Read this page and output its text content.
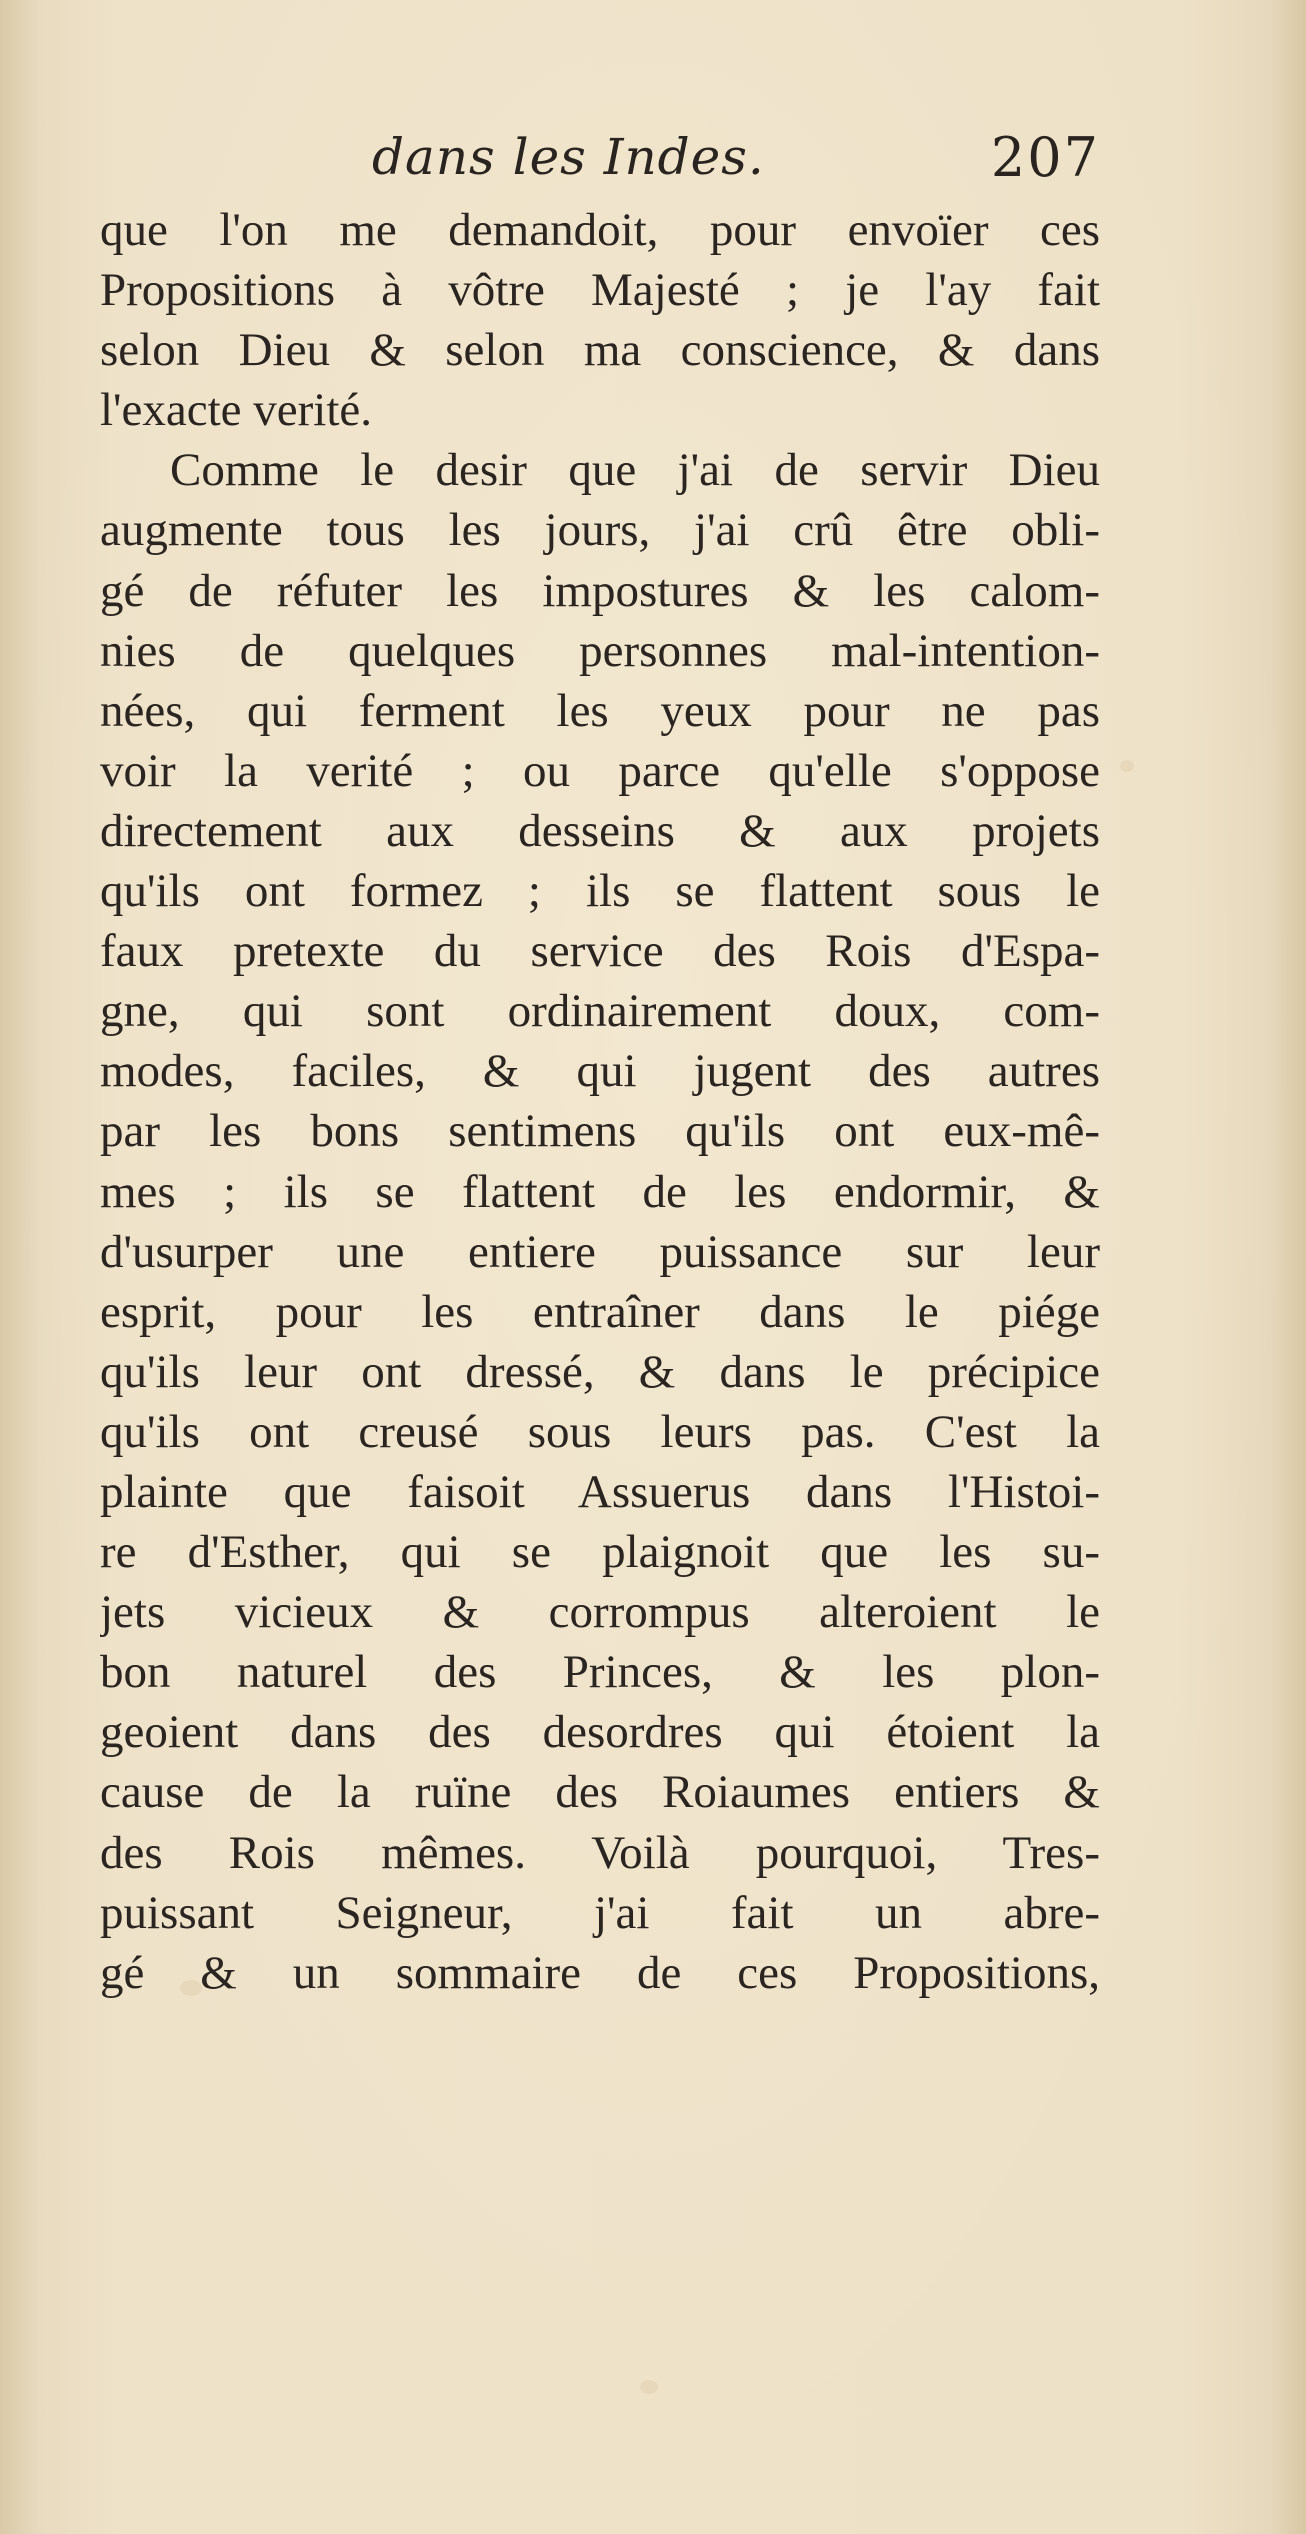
dans les Indes.	207
que l'on me demandoit, pour envoïer ces
Propositions à vôtre Majesté ; je l'ay fait
selon Dieu & selon ma conscience, & dans
l'exacte verité.
Comme le desir que j'ai de servir Dieu
augmente tous les jours, j'ai crû être obli-
gé de réfuter les impostures & les calom-
nies de quelques personnes mal-intention-
nées, qui ferment les yeux pour ne pas
voir la verité ; ou parce qu'elle s'oppose
directement aux desseins & aux projets
qu'ils ont formez ; ils se flattent sous le
faux pretexte du service des Rois d'Espa-
gne, qui sont ordinairement doux, com-
modes, faciles, & qui jugent des autres
par les bons sentimens qu'ils ont eux-mê-
mes ; ils se flattent de les endormir, &
d'usurper une entiere puissance sur leur
esprit, pour les entraîner dans le piége
qu'ils leur ont dressé, & dans le précipice
qu'ils ont creusé sous leurs pas. C'est la
plainte que faisoit Assuerus dans l'Histoi-
re d'Esther, qui se plaignoit que les su-
jets vicieux & corrompus alteroient le
bon naturel des Princes, & les plon-
geoient dans des desordres qui étoient la
cause de la ruïne des Roiaumes entiers &
des Rois mêmes. Voilà pourquoi, Tres-
puissant Seigneur, j'ai fait un abre-
gé & un sommaire de ces Propositions,
